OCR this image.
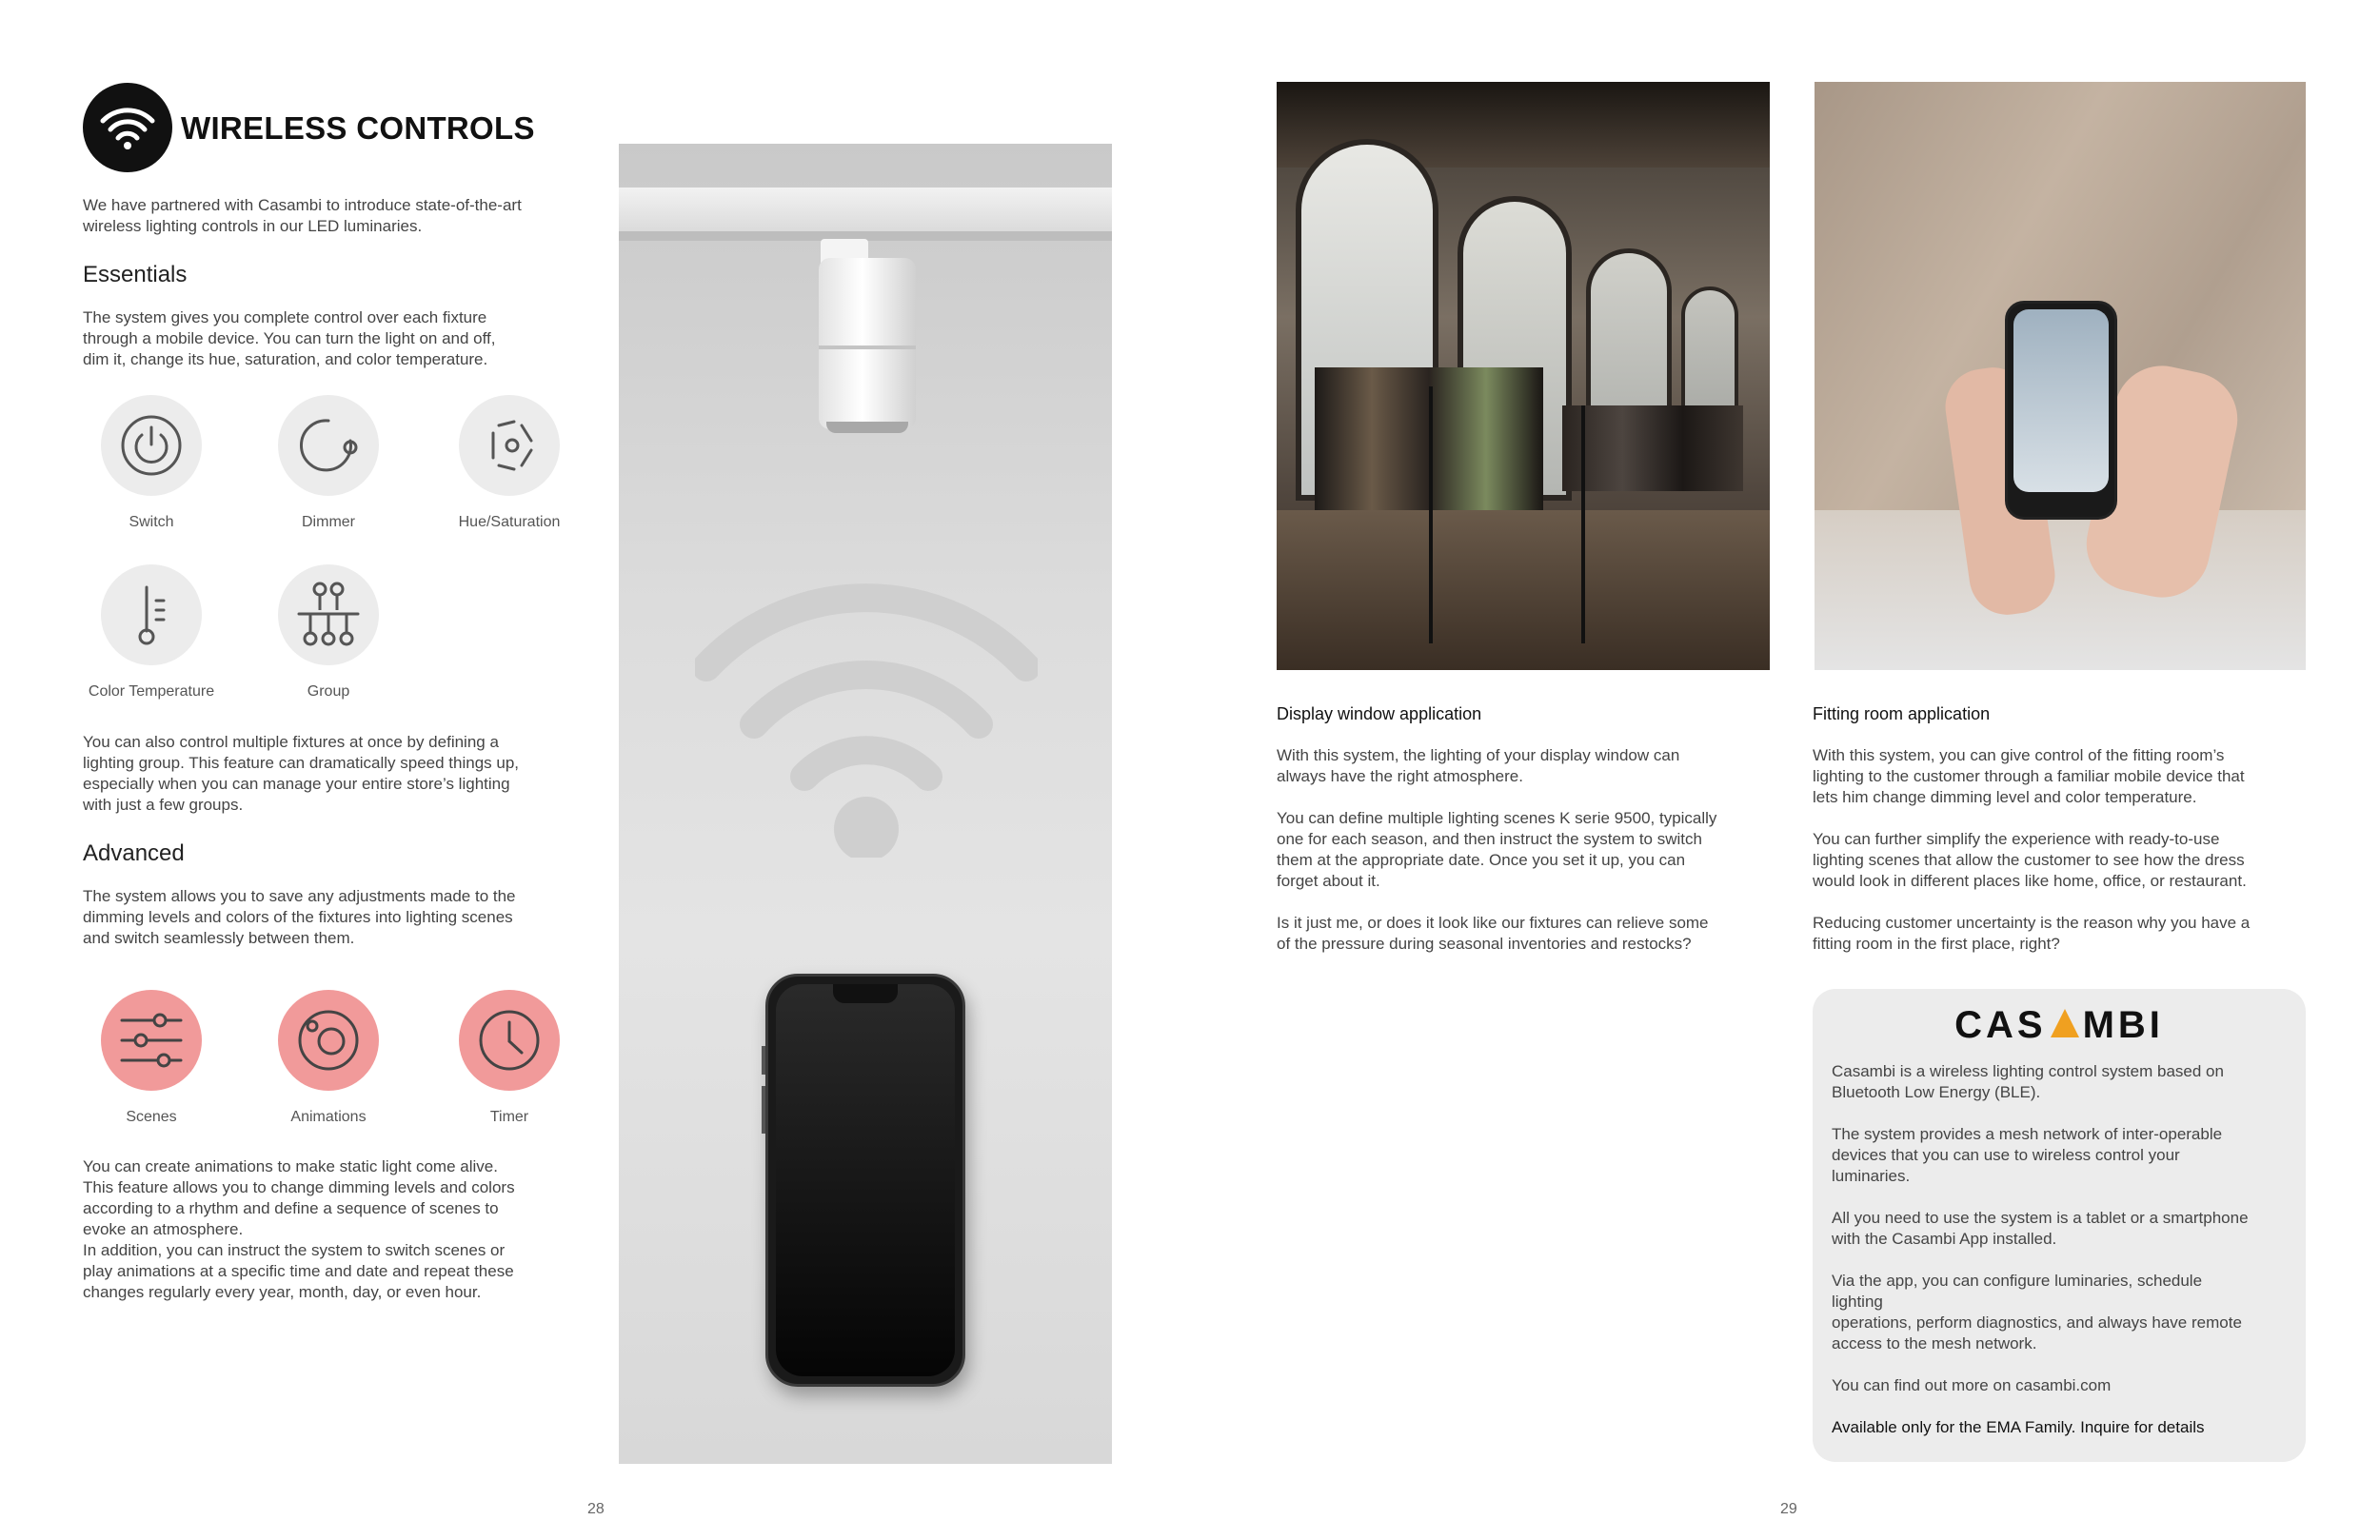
WIRELESS CONTROLS
We have partnered with Casambi to introduce state-of-the-art
wireless lighting controls in our LED luminaries.
Essentials
The system gives you complete control over each fixture
through a mobile device. You can turn the light on and off,
dim it, change its hue, saturation, and color temperature.
Switch	Dimmer	Hue/Saturation
Color Temperature	Group
You can also control multiple fixtures at once by defining a
lighting group. This feature can dramatically speed things up,
especially when you can manage your entire store’s lighting
with just a few groups.
Advanced
The system allows you to save any adjustments made to the
dimming levels and colors of the fixtures into lighting scenes
and switch seamlessly between them.
Scenes	Animations	Timer
You can create animations to make static light come alive.
This feature allows you to change dimming levels and colors
according to a rhythm and define a sequence of scenes to
evoke an atmosphere.
In addition, you can instruct the system to switch scenes or
play animations at a specific time and date and repeat these
changes regularly every year, month, day, or even hour.
28
Display window application
With this system, the lighting of your display window can
always have the right atmosphere.
You can define multiple lighting scenes K serie 9500, typically
one for each season, and then instruct the system to switch
them at the appropriate date. Once you set it up, you can
forget about it.
Is it just me, or does it look like our fixtures can relieve some
of the pressure during seasonal inventories and restocks?
Fitting room application
With this system, you can give control of the fitting room’s
lighting to the customer through a familiar mobile device that
lets him change dimming level and color temperature.
You can further simplify the experience with ready-to-use
lighting scenes that allow the customer to see how the dress
would look in different places like home, office, or restaurant.
Reducing customer uncertainty is the reason why you have a
fitting room in the first place, right?
CAS MBI
Casambi is a wireless lighting control system based on
Bluetooth Low Energy (BLE).
The system provides a mesh network of inter-operable
devices that you can use to wireless control your
luminaries.
All you need to use the system is a tablet or a smartphone
with the Casambi App installed.
Via the app, you can configure luminaries, schedule
lighting
operations, perform diagnostics, and always have remote
access to the mesh network.
You can find out more on casambi.com
Available only for the EMA Family. Inquire for details
29
